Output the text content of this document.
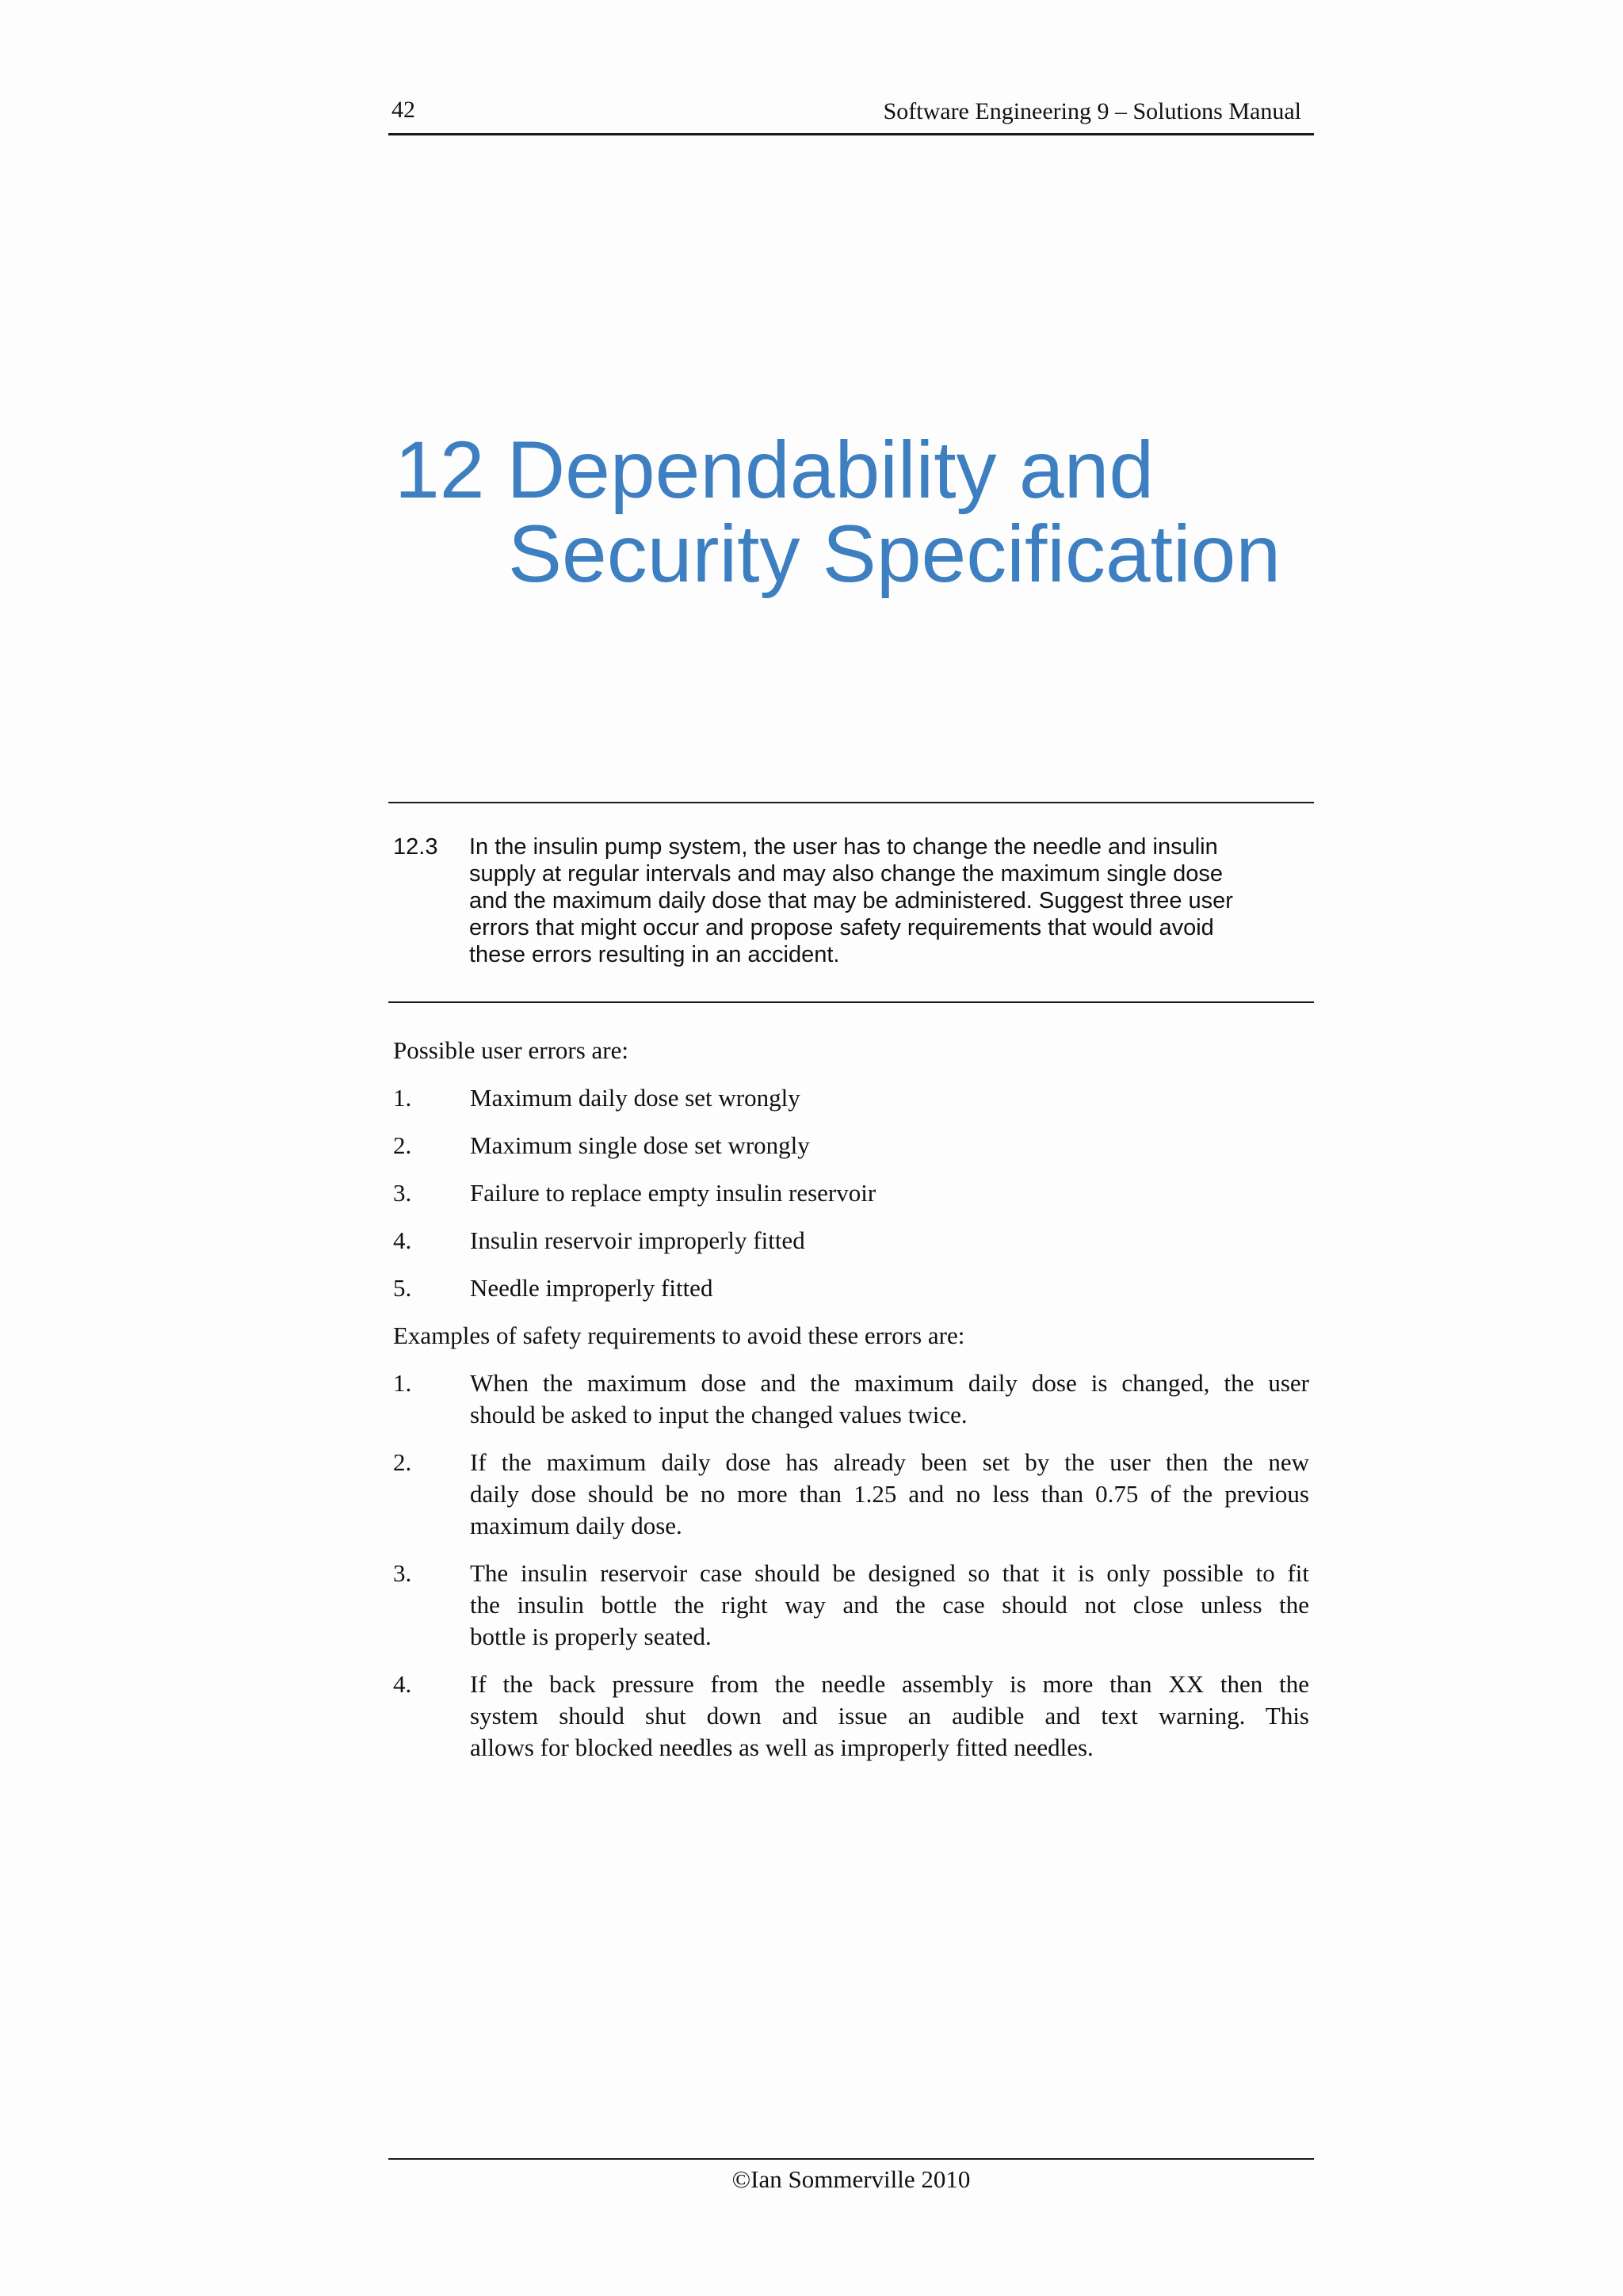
42	Software Engineering 9 – Solutions Manual
12 Dependability and
Security Specification
12.3 In the insulin pump system, the user has to change the needle and insulin
supply at regular intervals and may also change the maximum single dose
and the maximum daily dose that may be administered. Suggest three user
errors that might occur and propose safety requirements that would avoid
these errors resulting in an accident.

Possible user errors are:

1. Maximum daily dose set wrongly
2. Maximum single dose set wrongly
3. Failure to replace empty insulin reservoir
4. Insulin reservoir improperly fitted
5. Needle improperly fitted

Examples of safety requirements to avoid these errors are:

1. When the maximum dose and the maximum daily dose is changed, the user
should be asked to input the changed values twice.
2. If the maximum daily dose has already been set by the user then the new
daily dose should be no more than 1.25 and no less than 0.75 of the previous
maximum daily dose.
3. The insulin reservoir case should be designed so that it is only possible to fit
the insulin bottle the right way and the case should not close unless the
bottle is properly seated.
4. If the back pressure from the needle assembly is more than XX then the
system should shut down and issue an audible and text warning. This
allows for blocked needles as well as improperly fitted needles.
©Ian Sommerville 2010
